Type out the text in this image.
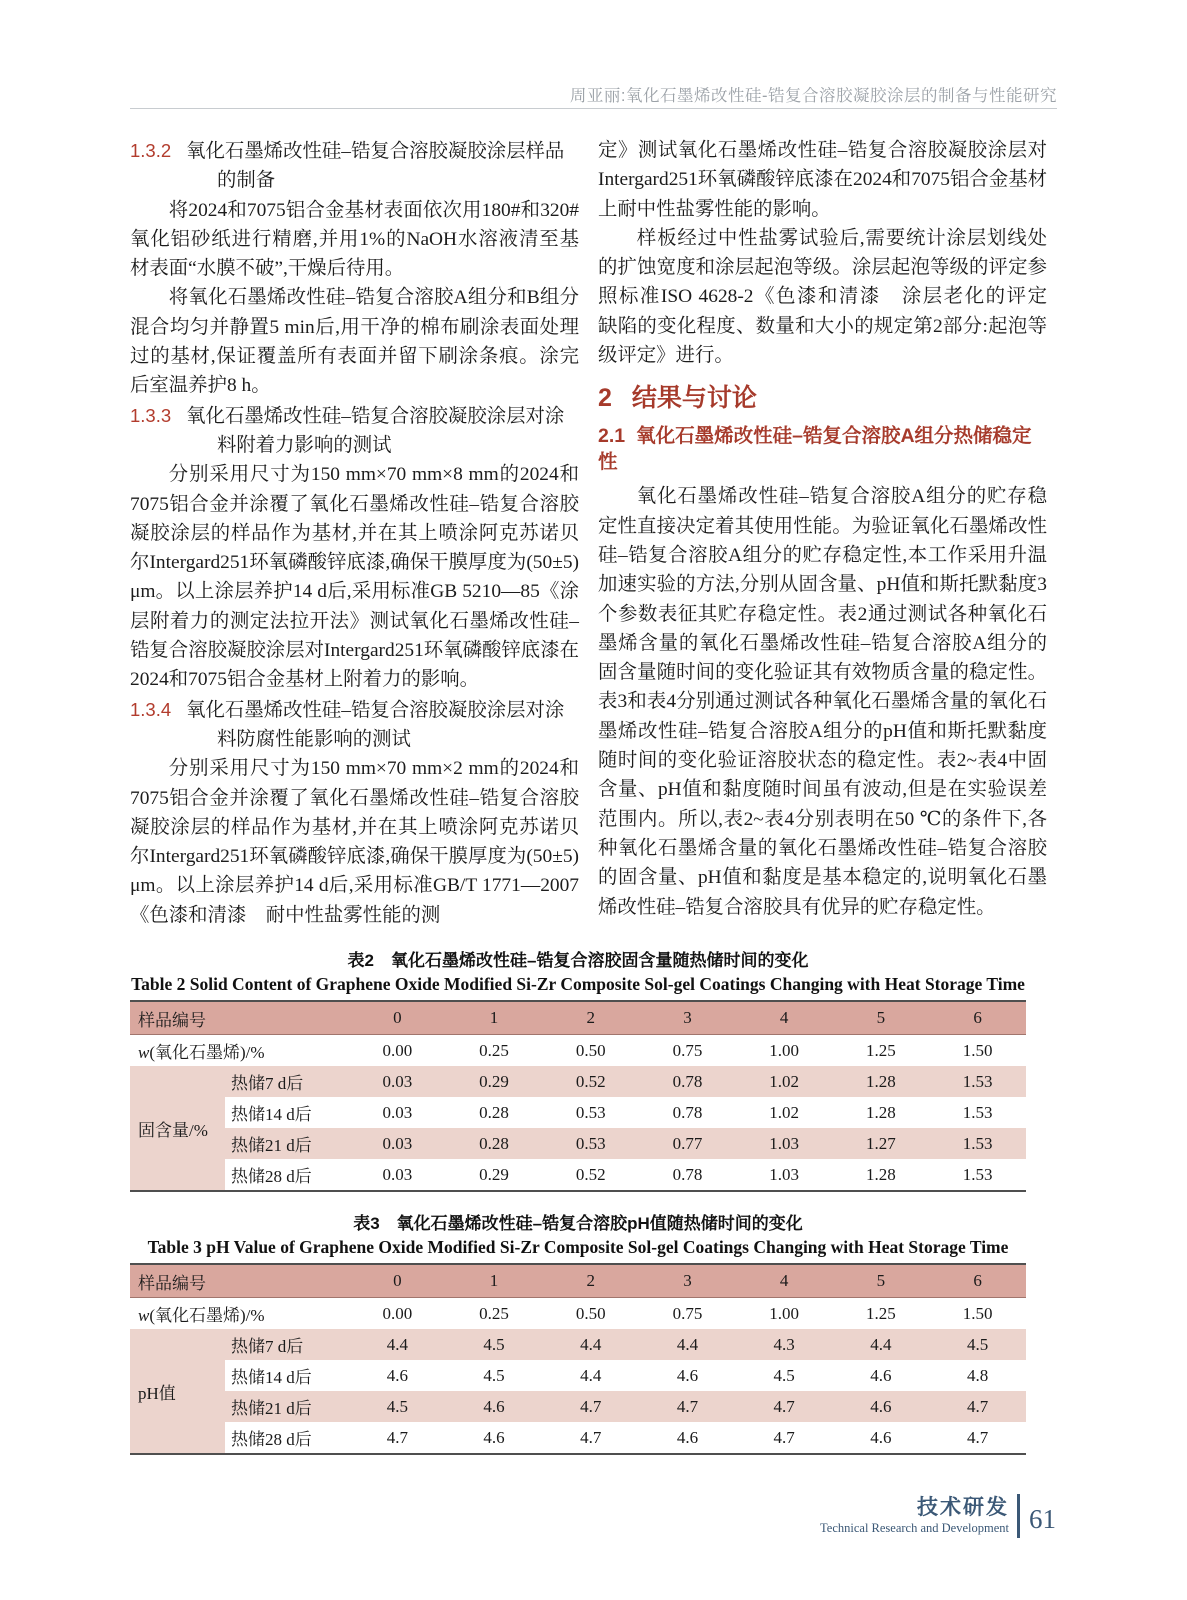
周亚丽:氧化石墨烯改性硅-锆复合溶胶凝胶涂层的制备与性能研究
1.3.2 氧化石墨烯改性硅–锆复合溶胶凝胶涂层样品的制备

将2024和7075铝合金基材表面依次用180#和320#氧化铝砂纸进行精磨,并用1%的NaOH水溶液清至基材表面“水膜不破”,干燥后待用。

将氧化石墨烯改性硅–锆复合溶胶A组分和B组分混合均匀并静置5 min后,用干净的棉布刷涂表面处理过的基材,保证覆盖所有表面并留下刷涂条痕。涂完后室温养护8 h。

1.3.3 氧化石墨烯改性硅–锆复合溶胶凝胶涂层对涂料附着力影响的测试

分别采用尺寸为150 mm×70 mm×8 mm的2024和7075铝合金并涂覆了氧化石墨烯改性硅–锆复合溶胶凝胶涂层的样品作为基材,并在其上喷涂阿克苏诺贝尔Intergard251环氧磷酸锌底漆,确保干膜厚度为(50±5) μm。以上涂层养护14 d后,采用标准GB 5210—85《涂层附着力的测定法拉开法》测试氧化石墨烯改性硅–锆复合溶胶凝胶涂层对Intergard251环氧磷酸锌底漆在2024和7075铝合金基材上附着力的影响。

1.3.4 氧化石墨烯改性硅–锆复合溶胶凝胶涂层对涂料防腐性能影响的测试

分别采用尺寸为150 mm×70 mm×2 mm的2024和7075铝合金并涂覆了氧化石墨烯改性硅–锆复合溶胶凝胶涂层的样品作为基材,并在其上喷涂阿克苏诺贝尔Intergard251环氧磷酸锌底漆,确保干膜厚度为(50±5) μm。以上涂层养护14 d后,采用标准GB/T 1771—2007《色漆和清漆　耐中性盐雾性能的测

定》测试氧化石墨烯改性硅–锆复合溶胶凝胶涂层对Intergard251环氧磷酸锌底漆在2024和7075铝合金基材上耐中性盐雾性能的影响。

样板经过中性盐雾试验后,需要统计涂层划线处的扩蚀宽度和涂层起泡等级。涂层起泡等级的评定参照标准ISO 4628-2《色漆和清漆　涂层老化的评定　缺陷的变化程度、数量和大小的规定第2部分:起泡等级评定》进行。

2 结果与讨论
2.1 氧化石墨烯改性硅–锆复合溶胶A组分热储稳定性

氧化石墨烯改性硅–锆复合溶胶A组分的贮存稳定性直接决定着其使用性能。为验证氧化石墨烯改性硅–锆复合溶胶A组分的贮存稳定性,本工作采用升温加速实验的方法,分别从固含量、pH值和斯托默黏度3个参数表征其贮存稳定性。表2通过测试各种氧化石墨烯含量的氧化石墨烯改性硅–锆复合溶胶A组分的固含量随时间的变化验证其有效物质含量的稳定性。表3和表4分别通过测试各种氧化石墨烯含量的氧化石墨烯改性硅–锆复合溶胶A组分的pH值和斯托默黏度随时间的变化验证溶胶状态的稳定性。表2~表4中固含量、pH值和黏度随时间虽有波动,但是在实验误差范围内。所以,表2~表4分别表明在50 ℃的条件下,各种氧化石墨烯含量的氧化石墨烯改性硅–锆复合溶胶的固含量、pH值和黏度是基本稳定的,说明氧化石墨烯改性硅–锆复合溶胶具有优异的贮存稳定性。

表2　氧化石墨烯改性硅–锆复合溶胶固含量随热储时间的变化
Table 2 Solid Content of Graphene Oxide Modified Si-Zr Composite Sol-gel Coatings Changing with Heat Storage Time
样品编号		0	1	2	3	4	5	6
w(氧化石墨烯)/%		0.00	0.25	0.50	0.75	1.00	1.25	1.50
固含量/%	热储7 d后	0.03	0.29	0.52	0.78	1.02	1.28	1.53
	热储14 d后	0.03	0.28	0.53	0.78	1.02	1.28	1.53
	热储21 d后	0.03	0.28	0.53	0.77	1.03	1.27	1.53
	热储28 d后	0.03	0.29	0.52	0.78	1.03	1.28	1.53
表3　氧化石墨烯改性硅–锆复合溶胶pH值随热储时间的变化
Table 3 pH Value of Graphene Oxide Modified Si-Zr Composite Sol-gel Coatings Changing with Heat Storage Time
样品编号		0	1	2	3	4	5	6
w(氧化石墨烯)/%		0.00	0.25	0.50	0.75	1.00	1.25	1.50
pH值	热储7 d后	4.4	4.5	4.4	4.4	4.3	4.4	4.5
	热储14 d后	4.6	4.5	4.4	4.6	4.5	4.6	4.8
	热储21 d后	4.5	4.6	4.7	4.7	4.7	4.6	4.7
	热储28 d后	4.7	4.6	4.7	4.6	4.7	4.6	4.7
技术研发
Technical Research and Development 61
